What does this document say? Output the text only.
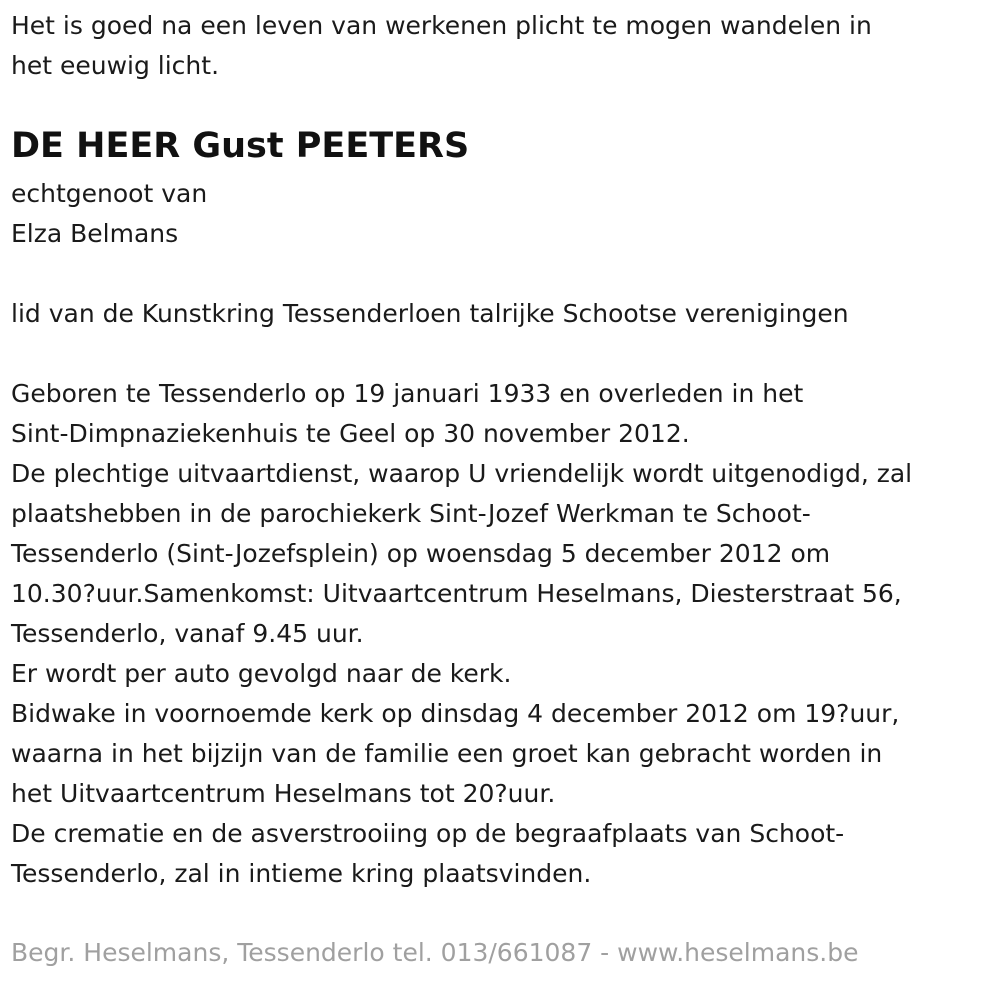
Het is goed na een leven van werkenen plicht te mogen wandelen in
het eeuwig licht.
DE HEER Gust PEETERS
echtgenoot van
Elza Belmans
lid van de Kunstkring Tessenderloen talrijke Schootse verenigingen
Geboren te Tessenderlo op 19 januari 1933 en overleden in het
Sint-Dimpnaziekenhuis te Geel op 30 november 2012.
De plechtige uitvaartdienst, waarop U vriendelijk wordt uitgenodigd, zal
plaatshebben in de parochiekerk Sint-Jozef Werkman te Schoot-
Tessenderlo (Sint-Jozefsplein) op woensdag 5 december 2012 om
10.30?uur.Samenkomst: Uitvaartcentrum Heselmans, Diesterstraat 56,
Tessenderlo, vanaf 9.45 uur.
Er wordt per auto gevolgd naar de kerk.
Bidwake in voornoemde kerk op dinsdag 4 december 2012 om 19?uur,
waarna in het bijzijn van de familie een groet kan gebracht worden in
het Uitvaartcentrum Heselmans tot 20?uur.
De crematie en de asverstrooiing op de begraafplaats van Schoot-
Tessenderlo, zal in intieme kring plaatsvinden.
Begr. Heselmans, Tessenderlo tel. 013/661087 - www.heselmans.be
